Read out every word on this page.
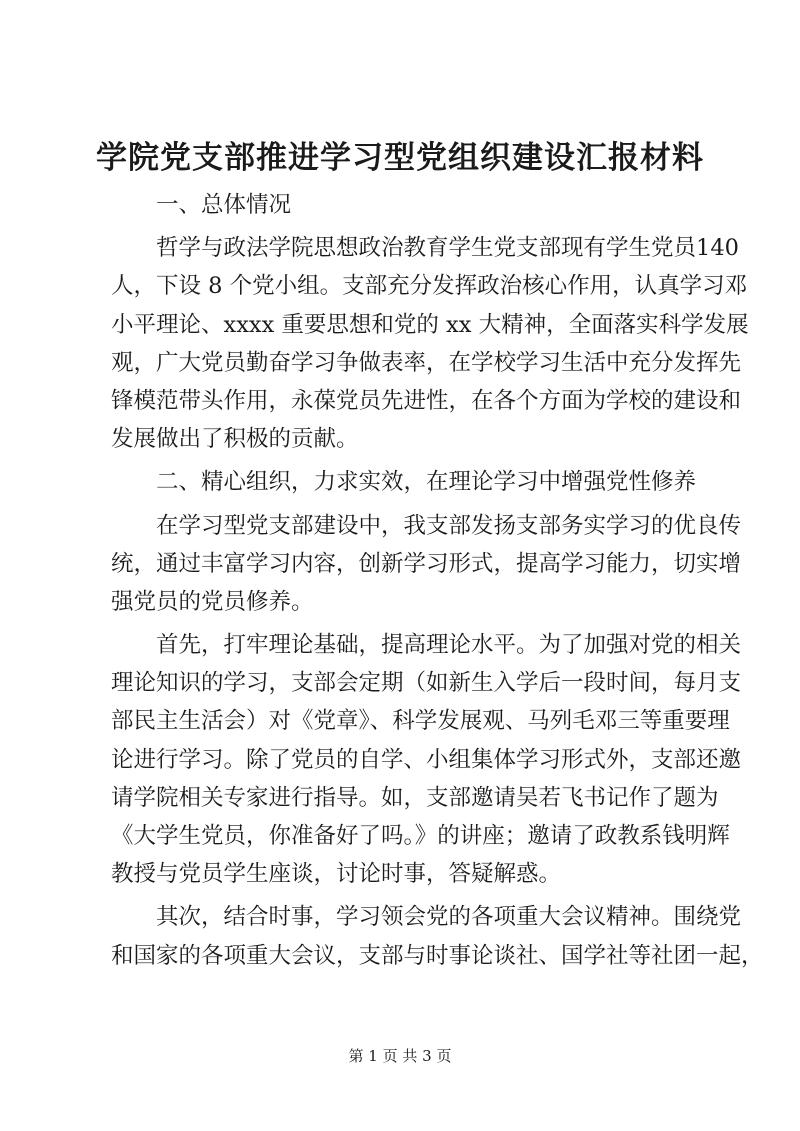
学院党支部推进学习型党组织建设汇报材料
一、总体情况
哲学与政法学院思想政治教育学生党支部现有学生党员140
人，下设 8 个党小组。支部充分发挥政治核心作用，认真学习邓
小平理论、xxxx 重要思想和党的 xx 大精神，全面落实科学发展
观，广大党员勤奋学习争做表率，在学校学习生活中充分发挥先
锋模范带头作用，永葆党员先进性，在各个方面为学校的建设和
发展做出了积极的贡献。
二、精心组织，力求实效，在理论学习中增强党性修养
在学习型党支部建设中，我支部发扬支部务实学习的优良传
统，通过丰富学习内容，创新学习形式，提高学习能力，切实增
强党员的党员修养。
首先，打牢理论基础，提高理论水平。为了加强对党的相关
理论知识的学习，支部会定期（如新生入学后一段时间，每月支
部民主生活会）对《党章》、科学发展观、马列毛邓三等重要理
论进行学习。除了党员的自学、小组集体学习形式外，支部还邀
请学院相关专家进行指导。如，支部邀请吴若飞书记作了题为
《大学生党员，你准备好了吗。》的讲座；邀请了政教系钱明辉
教授与党员学生座谈，讨论时事，答疑解惑。
其次，结合时事，学习领会党的各项重大会议精神。围绕党
和国家的各项重大会议，支部与时事论谈社、国学社等社团一起，
第 1 页 共 3 页
